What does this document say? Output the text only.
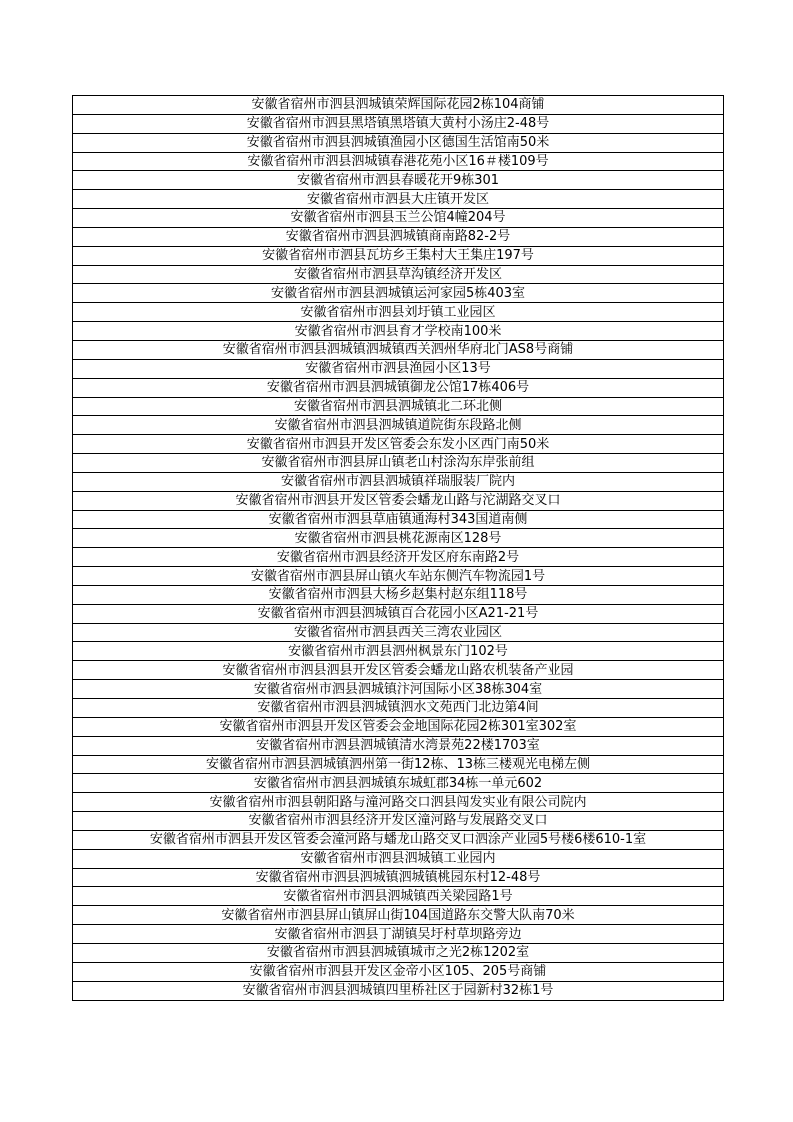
安徽省宿州市泗县泗城镇荣辉国际花园2栋104商铺
安徽省宿州市泗县黑塔镇黑塔镇大黄村小汤庄2-48号
安徽省宿州市泗县泗城镇渔园小区德国生活馆南50米
安徽省宿州市泗县泗城镇春港花苑小区16＃楼109号
安徽省宿州市泗县春暖花开9栋301
安徽省宿州市泗县大庄镇开发区
安徽省宿州市泗县玉兰公馆4幢204号
安徽省宿州市泗县泗城镇商南路82-2号
安徽省宿州市泗县瓦坊乡王集村大王集庄197号
安徽省宿州市泗县草沟镇经济开发区
安徽省宿州市泗县泗城镇运河家园5栋403室
安徽省宿州市泗县刘圩镇工业园区
安徽省宿州市泗县育才学校南100米
安徽省宿州市泗县泗城镇泗城镇西关泗州华府北门AS8号商铺
安徽省宿州市泗县渔园小区13号
安徽省宿州市泗县泗城镇御龙公馆17栋406号
安徽省宿州市泗县泗城镇北二环北侧
安徽省宿州市泗县泗城镇道院街东段路北侧
安徽省宿州市泗县开发区管委会东发小区西门南50米
安徽省宿州市泗县屏山镇老山村涂沟东岸张前组
安徽省宿州市泗县泗城镇祥瑞服装厂院内
安徽省宿州市泗县开发区管委会蟠龙山路与沱湖路交叉口
安徽省宿州市泗县草庙镇通海村343国道南侧
安徽省宿州市泗县桃花源南区128号
安徽省宿州市泗县经济开发区府东南路2号
安徽省宿州市泗县屏山镇火车站东侧汽车物流园1号
安徽省宿州市泗县大杨乡赵集村赵东组118号
安徽省宿州市泗县泗城镇百合花园小区A21-21号
安徽省宿州市泗县西关三湾农业园区
安徽省宿州市泗县泗州枫景东门102号
安徽省宿州市泗县泗县开发区管委会蟠龙山路农机装备产业园
安徽省宿州市泗县泗城镇汴河国际小区38栋304室
安徽省宿州市泗县泗城镇泗水文苑西门北边第4间
安徽省宿州市泗县开发区管委会金地国际花园2栋301室302室
安徽省宿州市泗县泗城镇清水湾景苑22楼1703室
安徽省宿州市泗县泗城镇泗州第一街12栋、13栋三楼观光电梯左侧
安徽省宿州市泗县泗城镇东城虹郡34栋一单元602
安徽省宿州市泗县朝阳路与潼河路交口泗县闯发实业有限公司院内
安徽省宿州市泗县经济开发区潼河路与发展路交叉口
安徽省宿州市泗县开发区管委会潼河路与蟠龙山路交叉口泗涂产业园5号楼6楼610-1室
安徽省宿州市泗县泗城镇工业园内
安徽省宿州市泗县泗城镇泗城镇桃园东村12-48号
安徽省宿州市泗县泗城镇西关梁园路1号
安徽省宿州市泗县屏山镇屏山街104国道路东交警大队南70米
安徽省宿州市泗县丁湖镇吴圩村草坝路旁边
安徽省宿州市泗县泗城镇城市之光2栋1202室
安徽省宿州市泗县开发区金帝小区105、205号商铺
安徽省宿州市泗县泗城镇四里桥社区于园新村32栋1号
